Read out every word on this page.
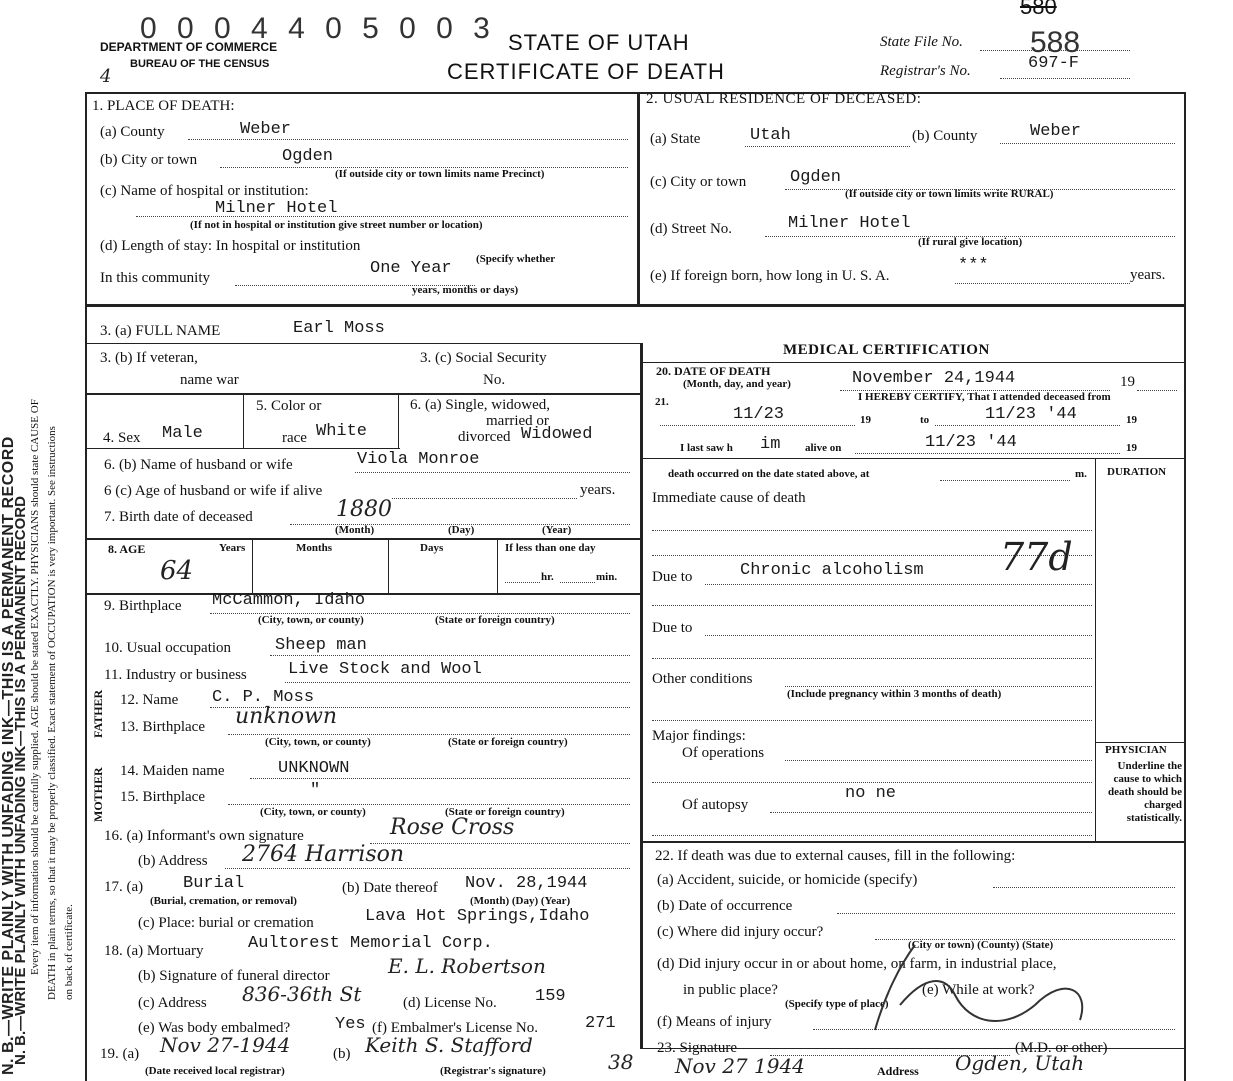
0 0 0 4 4 0 5 0 0 3
580
DEPARTMENT OF COMMERCE
BUREAU OF THE CENSUS
STATE OF UTAH
CERTIFICATE OF DEATH
State File No. 588
Registrar's No.	697-F
4
N. B.—WRITE PLAINLY WITH UNFADING INK—THIS IS A PERMANENT RECORD
N. B.—WRITE PLAINLY WITH UNFADING INK—THIS IS A PERMANENT RECORD Every item of information should be carefully supplied. AGE should be stated EXACTLY. PHYSICIANS should state CAUSE OF DEATH in plain terms, so that it may be properly classified. Exact statement of OCCUPATION is very important. See instructions on back of certificate.
1. PLACE OF DEATH:
(a) County	Weber
(b) City or town	Ogden
(If outside city or town limits name Precinct)
(c) Name of hospital or institution:
Milner Hotel
(If not in hospital or institution give street number or location)
(d) Length of stay: In hospital or institution
In this community	One Year (Specify whether
years, months or days)
2. USUAL RESIDENCE OF DECEASED:
(a) State	Utah	(b) County	Weber
(c) City or town	Ogden
(If outside city or town limits write RURAL)
(d) Street No.	Milner Hotel
(If rural give location)
(e) If foreign born, how long in U. S. A.
***	years.
3. (a) FULL NAME	Earl Moss
3. (b) If veteran,
name war
3. (c) Social Security
No.
MEDICAL CERTIFICATION
4. Sex Male
5. Color or
race White
6. (a) Single, widowed,
married or
divorced Widowed
6. (b) Name of husband or wife	Viola Monroe
6 (c) Age of husband or wife if alive	years.
7. Birth date of deceased	1880
(Month)	(Day)	(Year)
8. AGE	Years	Months	Days	If less than one day
64	hr.	min.
9. Birthplace McCammon, Idaho
(City, town, or county)	(State or foreign country)
10. Usual occupation	Sheep man
11. Industry or business Live Stock and Wool
MOTHER
FATHER 12. Name C. P. Moss
13. Birthplace unknown
(City, town, or county)	(State or foreign country)
14. Maiden name	UNKNOWN
15. Birthplace	"
(City, town, or county)	(State or foreign country)
16. (a) Informant's own signature	Rose Cross
(b) Address 2764 Harrison
17. (a) Burial
(Burial, cremation, or removal)
(b) Date thereof Nov. 28,1944
(Month) (Day) (Year)
(c) Place: burial or cremation	Lava Hot Springs,Idaho
18. (a) Mortuary	Aultorest Memorial Corp.
(b) Signature of funeral director	E. L. Robertson
(c) Address 836-36th St	(d) License No. 159
(e) Was body embalmed?	Yes (f) Embalmer's License No.	271
19. (a) Nov 27-1944
(Date received local registrar)
(b) Keith S. Stafford
(Registrar's signature)	38
20. DATE OF DEATH
(Month, day, and year)	November 24,1944	19
21.	I HEREBY CERTIFY, That I attended deceased from
11/23	19	to	11/23 '44	19
I last saw h im alive on	11/23 '44	19
death occurred on the date stated above, at	m. DURATION
Immediate cause of death
Due to	Chronic alcoholism 77d
Due to
Other conditions
(Include pregnancy within 3 months of death)
Major findings:
Of operations
Of autopsy
no ne
PHYSICIAN
Underline the cause to which death should be charged statistically.
22. If death was due to external causes, fill in the following:
(a) Accident, suicide, or homicide (specify)
(b) Date of occurrence
(c) Where did injury occur?
(City or town) (County) (State)
(d) Did injury occur in or about home, on farm, in industrial place,
in public place?	(e) While at work?
(Specify type of place)
(f) Means of injury
23. Signature	(M.D. or other)
Nov 27 1944	Address Ogden, Utah
